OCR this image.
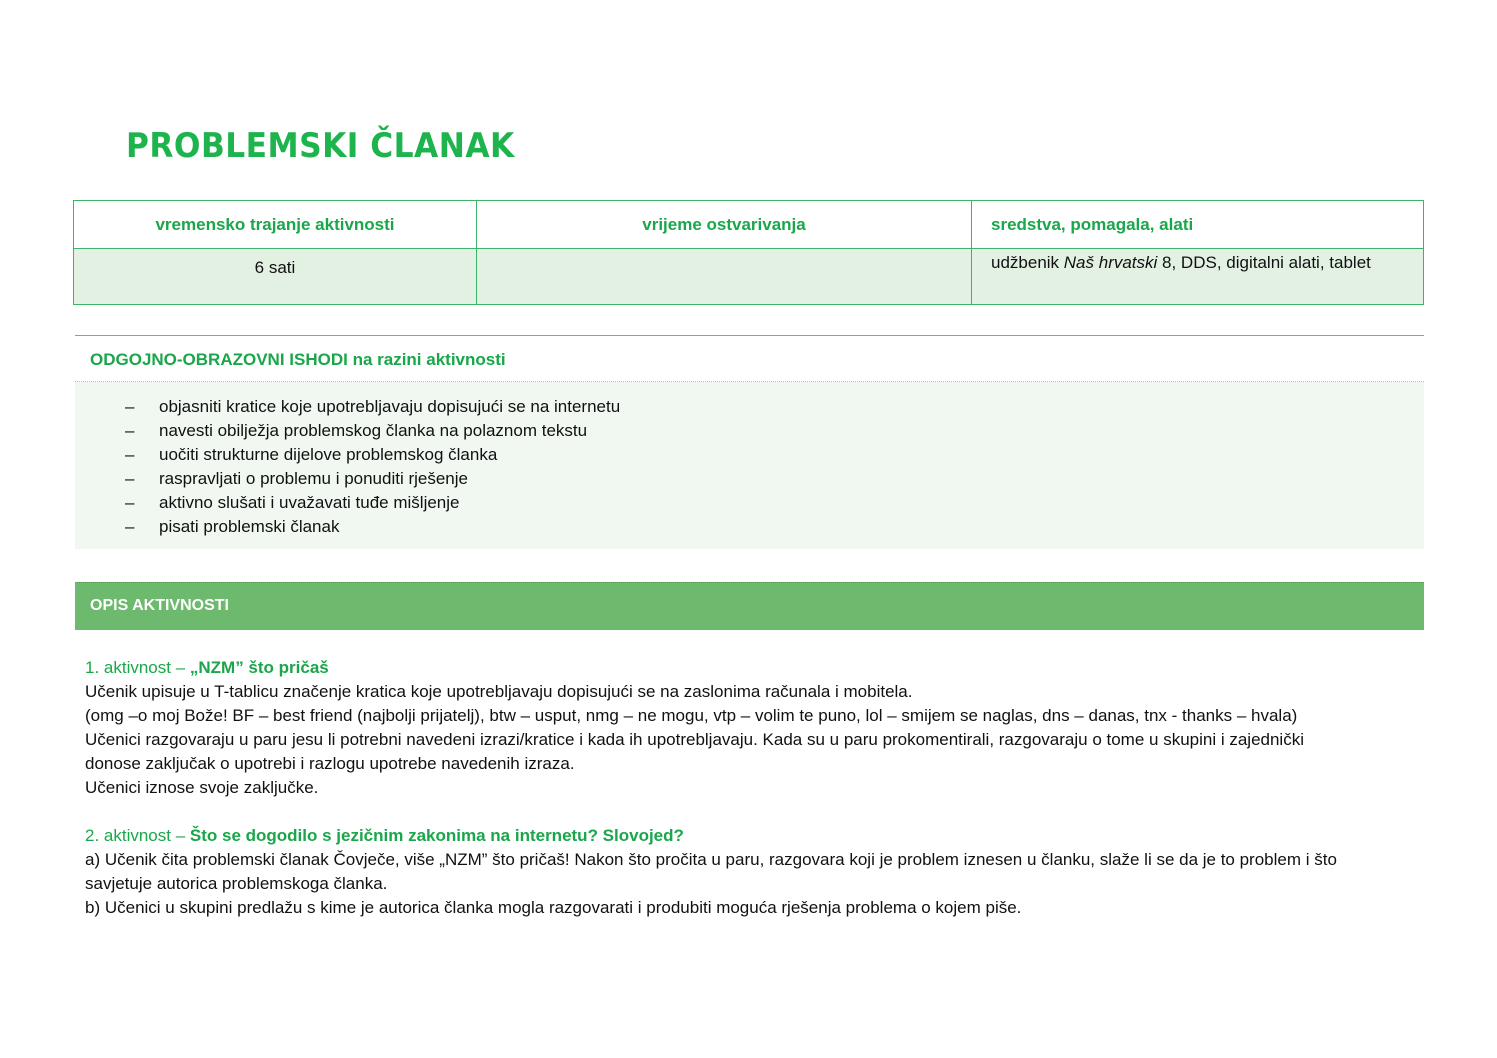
PROBLEMSKI ČLANAK
vremensko trajanje aktivnosti	vrijeme ostvarivanja	sredstva, pomagala, alati
6 sati		udžbenik Naš hrvatski 8, DDS, digitalni alati, tablet
ODGOJNO-OBRAZOVNI ISHODI na razini aktivnosti
– objasniti kratice koje upotrebljavaju dopisujući se na internetu
– navesti obilježja problemskog članka na polaznom tekstu
– uočiti strukturne dijelove problemskog članka
– raspravljati o problemu i ponuditi rješenje
– aktivno slušati i uvažavati tuđe mišljenje
– pisati problemski članak
OPIS AKTIVNOSTI

1. aktivnost – „NZM” što pričaš

Učenik upisuje u T-tablicu značenje kratica koje upotrebljavaju dopisujući se na zaslonima računala i mobitela.

(omg –o moj Bože! BF – best friend (najbolji prijatelj), btw – usput, nmg – ne mogu, vtp – volim te puno, lol – smijem se naglas, dns – danas, tnx - thanks – hvala)

Učenici razgovaraju u paru jesu li potrebni navedeni izrazi/kratice i kada ih upotrebljavaju. Kada su u paru prokomentirali, razgovaraju o tome u skupini i zajednički

donose zaključak o upotrebi i razlogu upotrebe navedenih izraza.

Učenici iznose svoje zaključke.

2. aktivnost – Što se dogodilo s jezičnim zakonima na internetu? Slovojed?

a) Učenik čita problemski članak Čovječe, više „NZM” što pričaš! Nakon što pročita u paru, razgovara koji je problem iznesen u članku, slaže li se da je to problem i što

savjetuje autorica problemskoga članka.

b) Učenici u skupini predlažu s kime je autorica članka mogla razgovarati i produbiti moguća rješenja problema o kojem piše.
